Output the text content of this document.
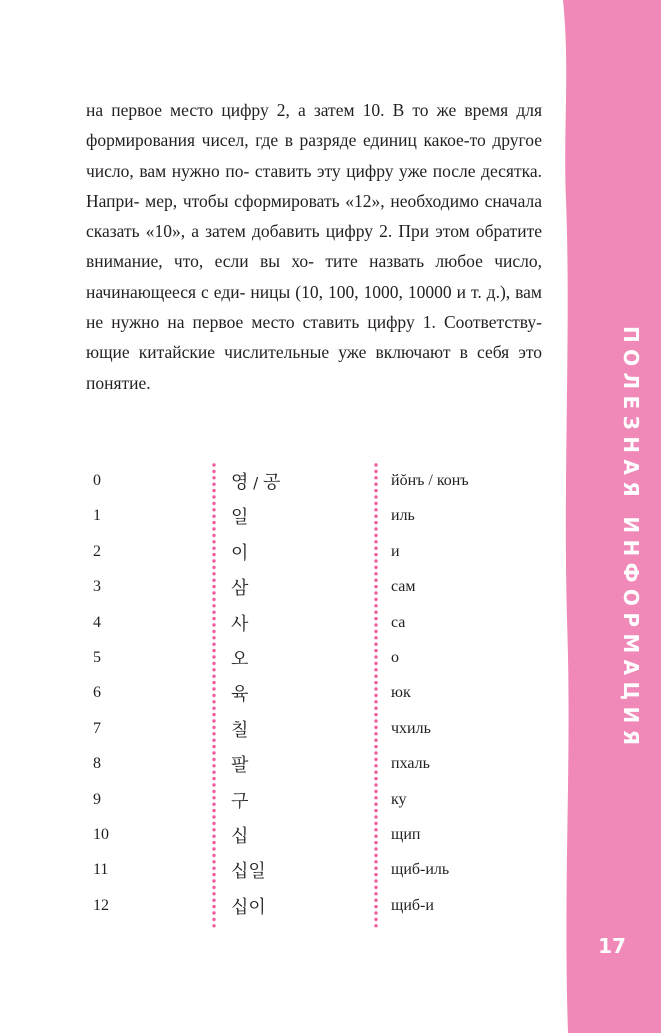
ПОЛЕЗНАЯ ИНФОРМАЦИЯ
17

на первое место цифру 2, а затем 10. В то же время для формирования чисел, где в разряде единиц какое-то другое число, вам нужно по- ставить эту цифру уже после десятка. Напри- мер, чтобы сформировать «12», необходимо сначала сказать «10», а затем добавить цифру 2. При этом обратите внимание, что, если вы хо- тите назвать любое число, начинающееся с еди- ницы (10, 100, 1000, 10000 и т. д.), вам не нужно на первое место ставить цифру 1. Соответству- ющие китайские числительные уже включают в себя это понятие.

0	영 / 공	йŏнъ / конъ
1	일	иль
2	이	и
3	삼	сам
4	사	са
5	오	о
6	육	юк
7	칠	чхиль
8	팔	пхаль
9	구	ку
10	십	щип
11	십일	щиб-иль
12	십이	щиб-и
